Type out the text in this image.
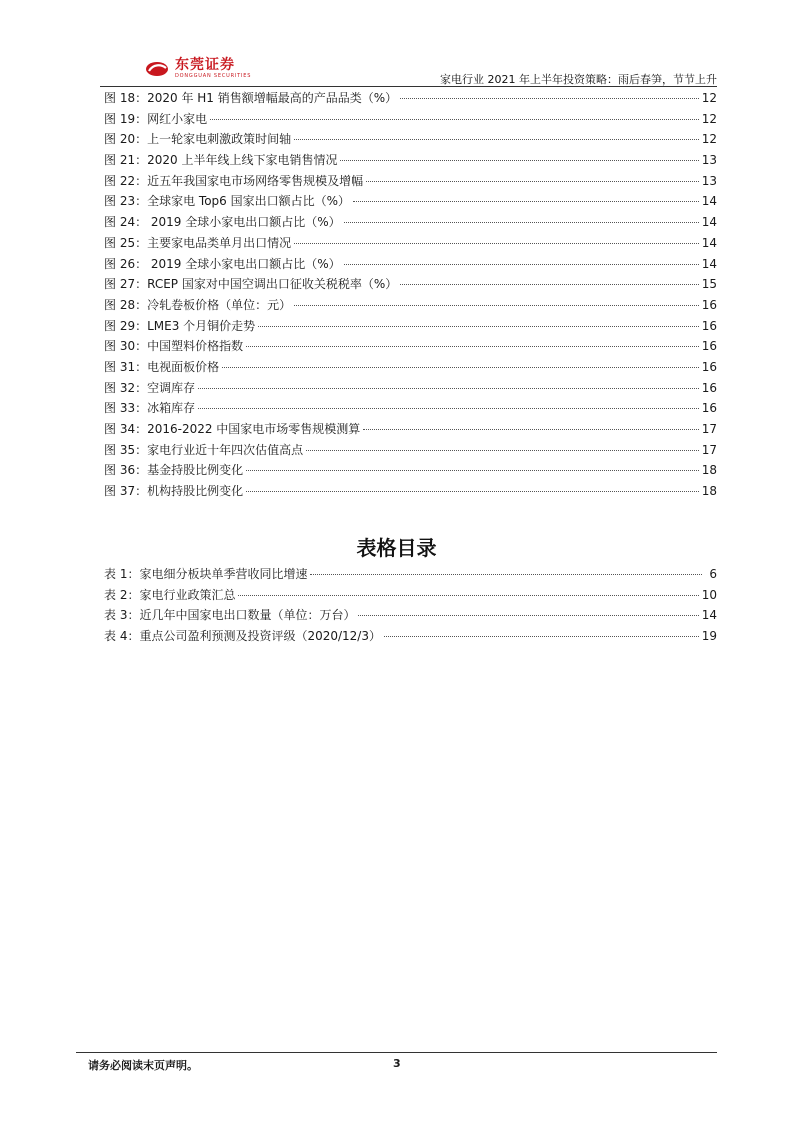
东莞证券
DONGGUAN SECURITIES	家电行业 2021 年上半年投资策略：雨后春笋，节节上升
图 18：2020 年 H1 销售额增幅最高的产品品类（%）	12
图 19：网红小家电	12
图 20：上一轮家电刺激政策时间轴	12
图 21：2020 上半年线上线下家电销售情况	13
图 22：近五年我国家电市场网络零售规模及增幅	13
图 23：全球家电 Top6 国家出口额占比（%）	14
图 24： 2019 全球小家电出口额占比（%）	14
图 25：主要家电品类单月出口情况	14
图 26： 2019 全球小家电出口额占比（%）	14
图 27：RCEP 国家对中国空调出口征收关税税率（%）	15
图 28：冷轧卷板价格（单位：元）	16
图 29：LME3 个月铜价走势	16
图 30：中国塑料价格指数	16
图 31：电视面板价格	16
图 32：空调库存	16
图 33：冰箱库存	16
图 34：2016-2022 中国家电市场零售规模测算	17
图 35：家电行业近十年四次估值高点	17
图 36：基金持股比例变化	18
图 37：机构持股比例变化	18
表格目录
表 1：家电细分板块单季营收同比增速	6
表 2：家电行业政策汇总	10
表 3：近几年中国家电出口数量（单位：万台）	14
表 4：重点公司盈利预测及投资评级（2020/12/3）	19
请务必阅读末页声明。	3
